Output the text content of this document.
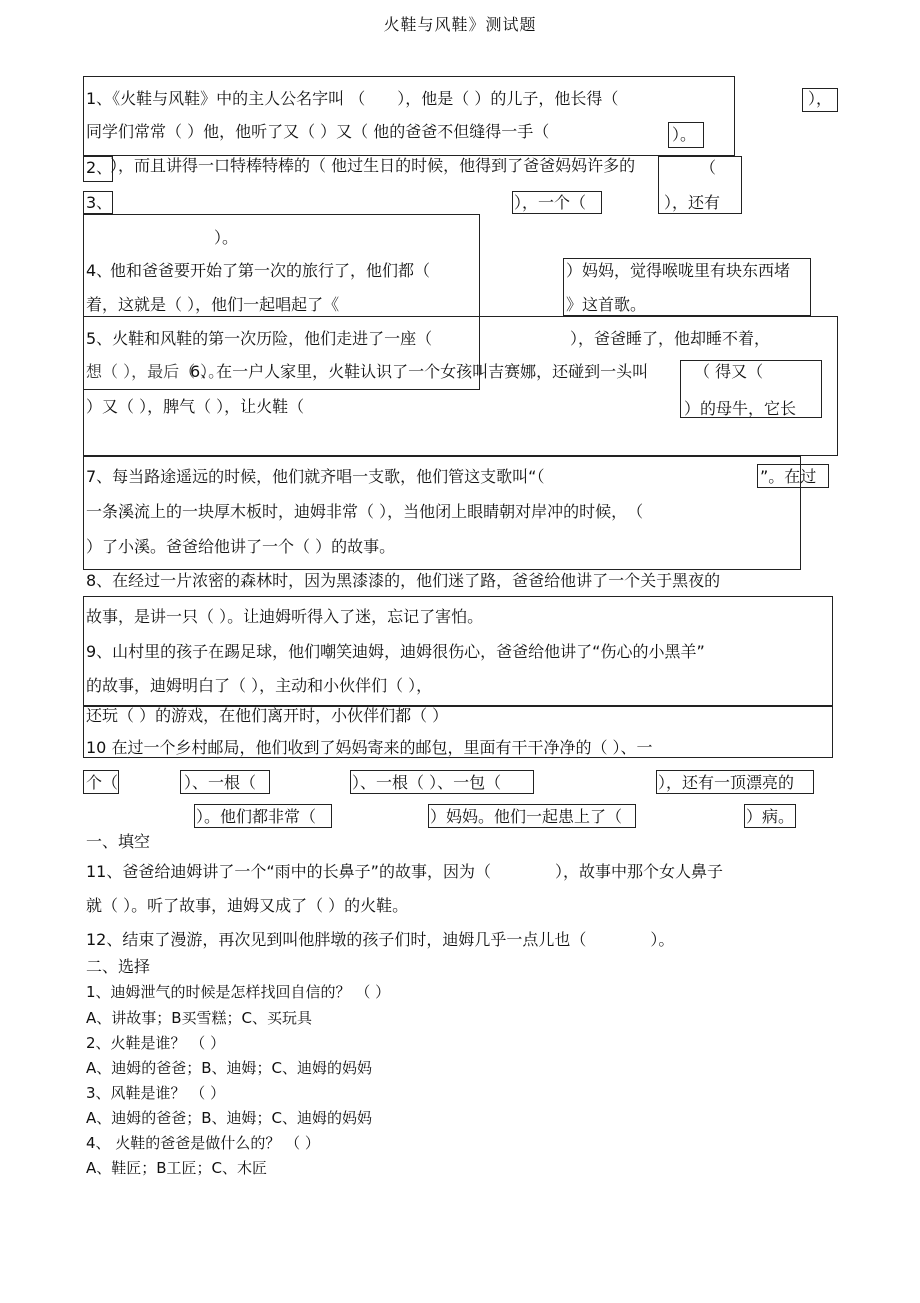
火鞋与风鞋》测试题
1、《火鞋与风鞋》中的主人公名字叫 （　　），他是（ ）的儿子，他长得（	），
同学们常常（ ）他，他听了又（ ）又（ 他的爸爸不但缝得一手（	）。
2、
），而且讲得一口特棒特棒的（ 他过生日的时候，他得到了爸爸妈妈许多的	（
3、	），一个（	），还有
）。
4、
他和爸爸要开始了第一次的旅行了，他们都（	）妈妈，觉得喉咙里有块东西堵
着，这就是（ ），他们一起唱起了《	》这首歌。
5、火鞋和风鞋的第一次历险，他们走进了一座（	），爸爸睡了，他却睡不着，
想（ ），最后（ ）。
6、在一户人家里，火鞋认识了一个女孩叫吉赛娜，还碰到一头叫	（ 得又（
）又（ ），脾气（ ），让火鞋（	）的母牛，它长
7、每当路途遥远的时候，他们就齐唱一支歌，他们管这支歌叫“（	”。在过
一条溪流上的一块厚木板时，迪姆非常（ ），当他闭上眼睛朝对岸冲的时候，　（
）了小溪。爸爸给他讲了一个（ ）的故事。
8、在经过一片浓密的森林时，因为黑漆漆的，他们迷了路，爸爸给他讲了一个关于黑夜的
故事，是讲一只（ ）。让迪姆听得入了迷，忘记了害怕。
9、山村里的孩子在踢足球，他们嘲笑迪姆，迪姆很伤心，爸爸给他讲了“伤心的小黑羊”
的故事，迪姆明白了（ ），主动和小伙伴们（ ），
还玩（ ）的游戏，在他们离开时，小伙伴们都（ ）
10 在过一个乡村邮局，他们收到了妈妈寄来的邮包，里面有干干净净的（ ）、一
个（	）、一根（	）、一根（ ）、一包（	），还有一顶漂亮的
）。他们都非常（	）妈妈。他们一起患上了（	）病。
一、填空
11、爸爸给迪姆讲了一个“雨中的长鼻子”的故事，因为（　　　　），故事中那个女人鼻子
就（ ）。听了故事，迪姆又成了（ ）的火鞋。
12、结束了漫游，再次见到叫他胖墩的孩子们时，迪姆几乎一点儿也（　　　　）。
二、选择
1、迪姆泄气的时候是怎样找回自信的？ （ ）
A、讲故事；B买雪糕；C、买玩具
2、火鞋是谁？ （ ）
A、迪姆的爸爸；B、迪姆；C、迪姆的妈妈
3、风鞋是谁？ （ ）
A、迪姆的爸爸；B、迪姆；C、迪姆的妈妈
4、 火鞋的爸爸是做什么的？ （ ）
A、鞋匠；B工匠；C、木匠
